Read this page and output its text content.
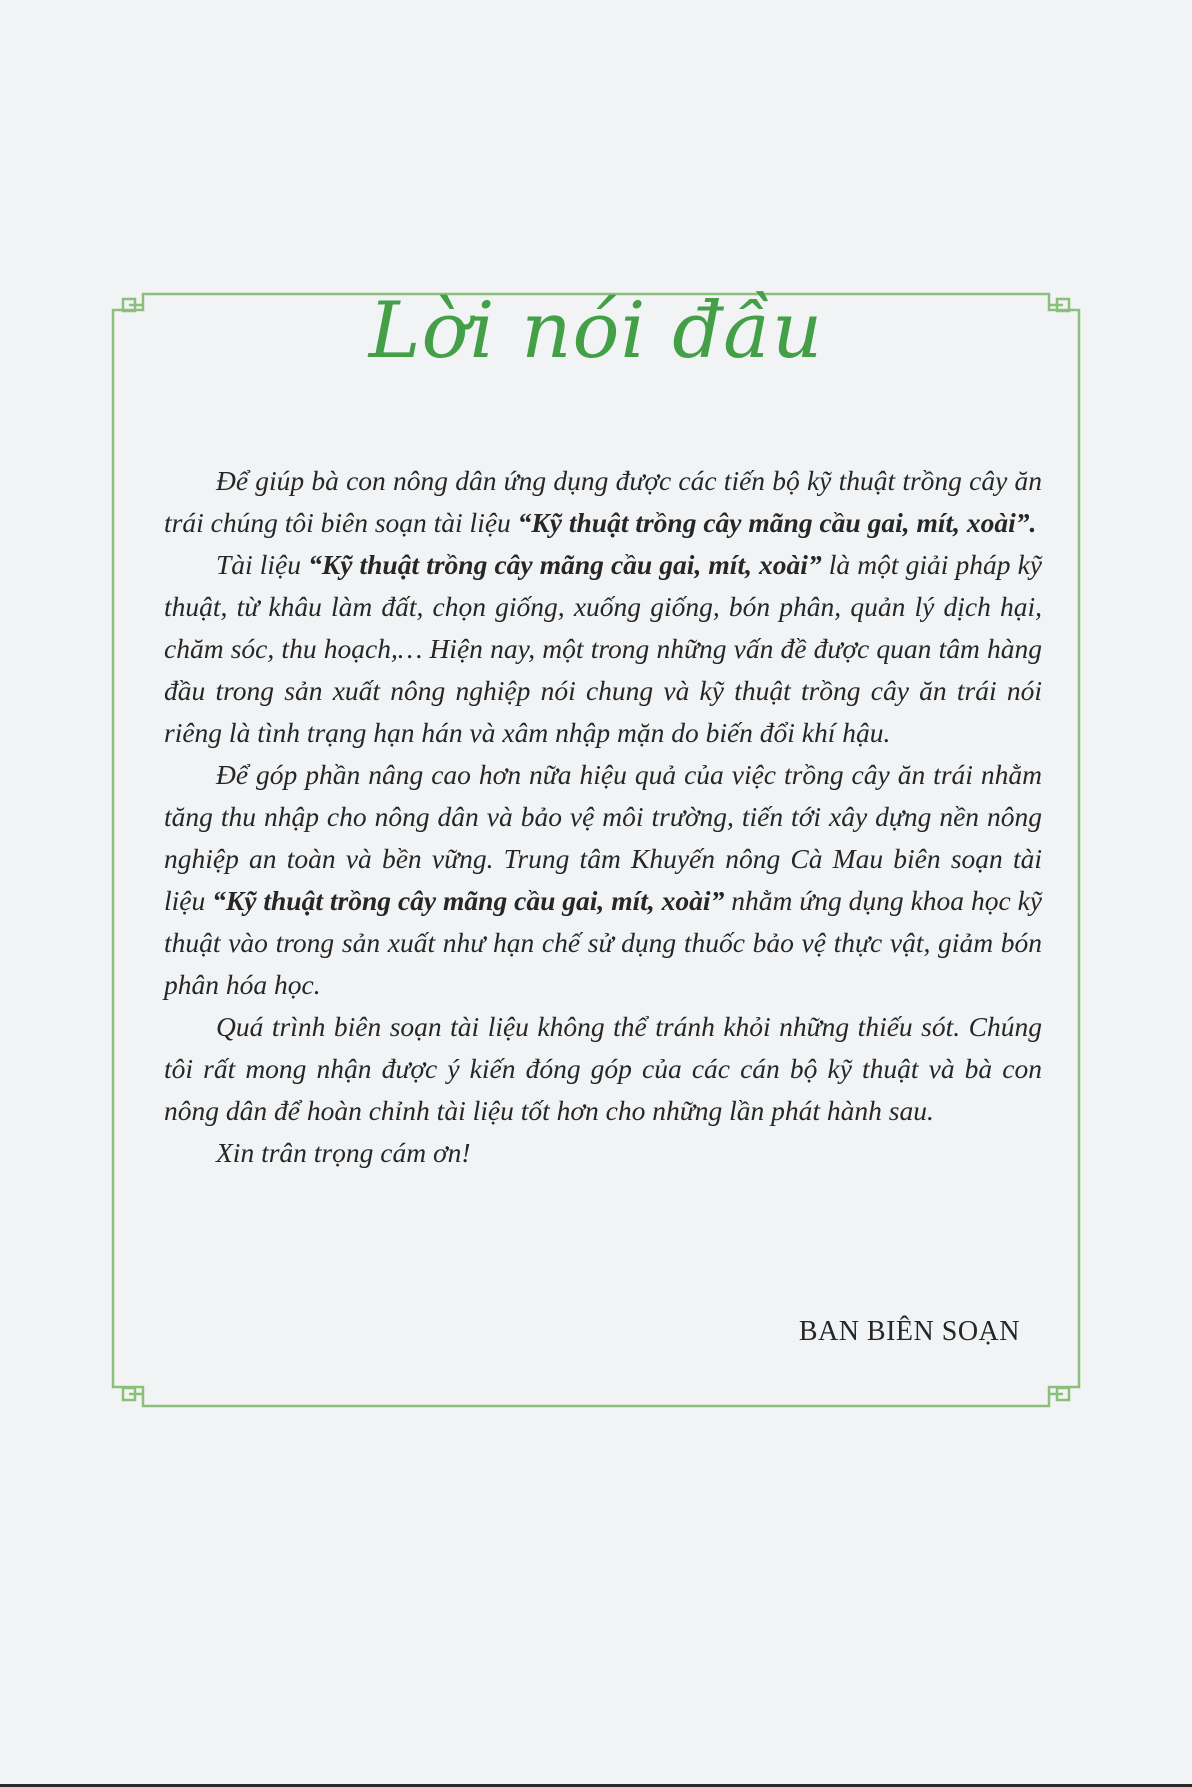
Lời nói đầu

Để giúp bà con nông dân ứng dụng được các tiến bộ kỹ thuật trồng cây ăn trái chúng tôi biên soạn tài liệu “Kỹ thuật trồng cây mãng cầu gai, mít, xoài”.

Tài liệu “Kỹ thuật trồng cây mãng cầu gai, mít, xoài” là một giải pháp kỹ thuật, từ khâu làm đất, chọn giống, xuống giống, bón phân, quản lý dịch hại, chăm sóc, thu hoạch,… Hiện nay, một trong những vấn đề được quan tâm hàng đầu trong sản xuất nông nghiệp nói chung và kỹ thuật trồng cây ăn trái nói riêng là tình trạng hạn hán và xâm nhập mặn do biến đổi khí hậu.

Để góp phần nâng cao hơn nữa hiệu quả của việc trồng cây ăn trái nhằm tăng thu nhập cho nông dân và bảo vệ môi trường, tiến tới xây dựng nền nông nghiệp an toàn và bền vững. Trung tâm Khuyến nông Cà Mau biên soạn tài liệu “Kỹ thuật trồng cây mãng cầu gai, mít, xoài” nhằm ứng dụng khoa học kỹ thuật vào trong sản xuất như hạn chế sử dụng thuốc bảo vệ thực vật, giảm bón phân hóa học.

Quá trình biên soạn tài liệu không thể tránh khỏi những thiếu sót. Chúng tôi rất mong nhận được ý kiến đóng góp của các cán bộ kỹ thuật và bà con nông dân để hoàn chỉnh tài liệu tốt hơn cho những lần phát hành sau.

Xin trân trọng cám ơn!

BAN BIÊN SOẠN
